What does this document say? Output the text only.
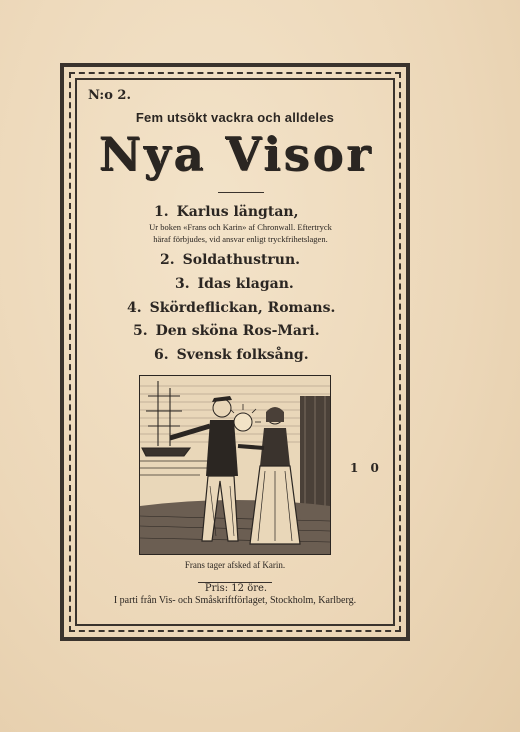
N:o 2.
Fem utsökt vackra och alldeles
Nya Visor
1. Karlus längtan,
Ur boken «Frans och Karin» af Chronwall. Eftertryck
häraf förbjudes, vid ansvar enligt tryckfrihetslagen.
2. Soldathustrun.
3. Idas klagan.
4. Skördeflickan, Romans.
5. Den sköna Ros-Mari.
6. Svensk folksång.
Frans tager afsked af Karin.
Pris: 12 öre.
I parti från Vis- och Småskriftförlaget, Stockholm, Karlberg.
1 0
